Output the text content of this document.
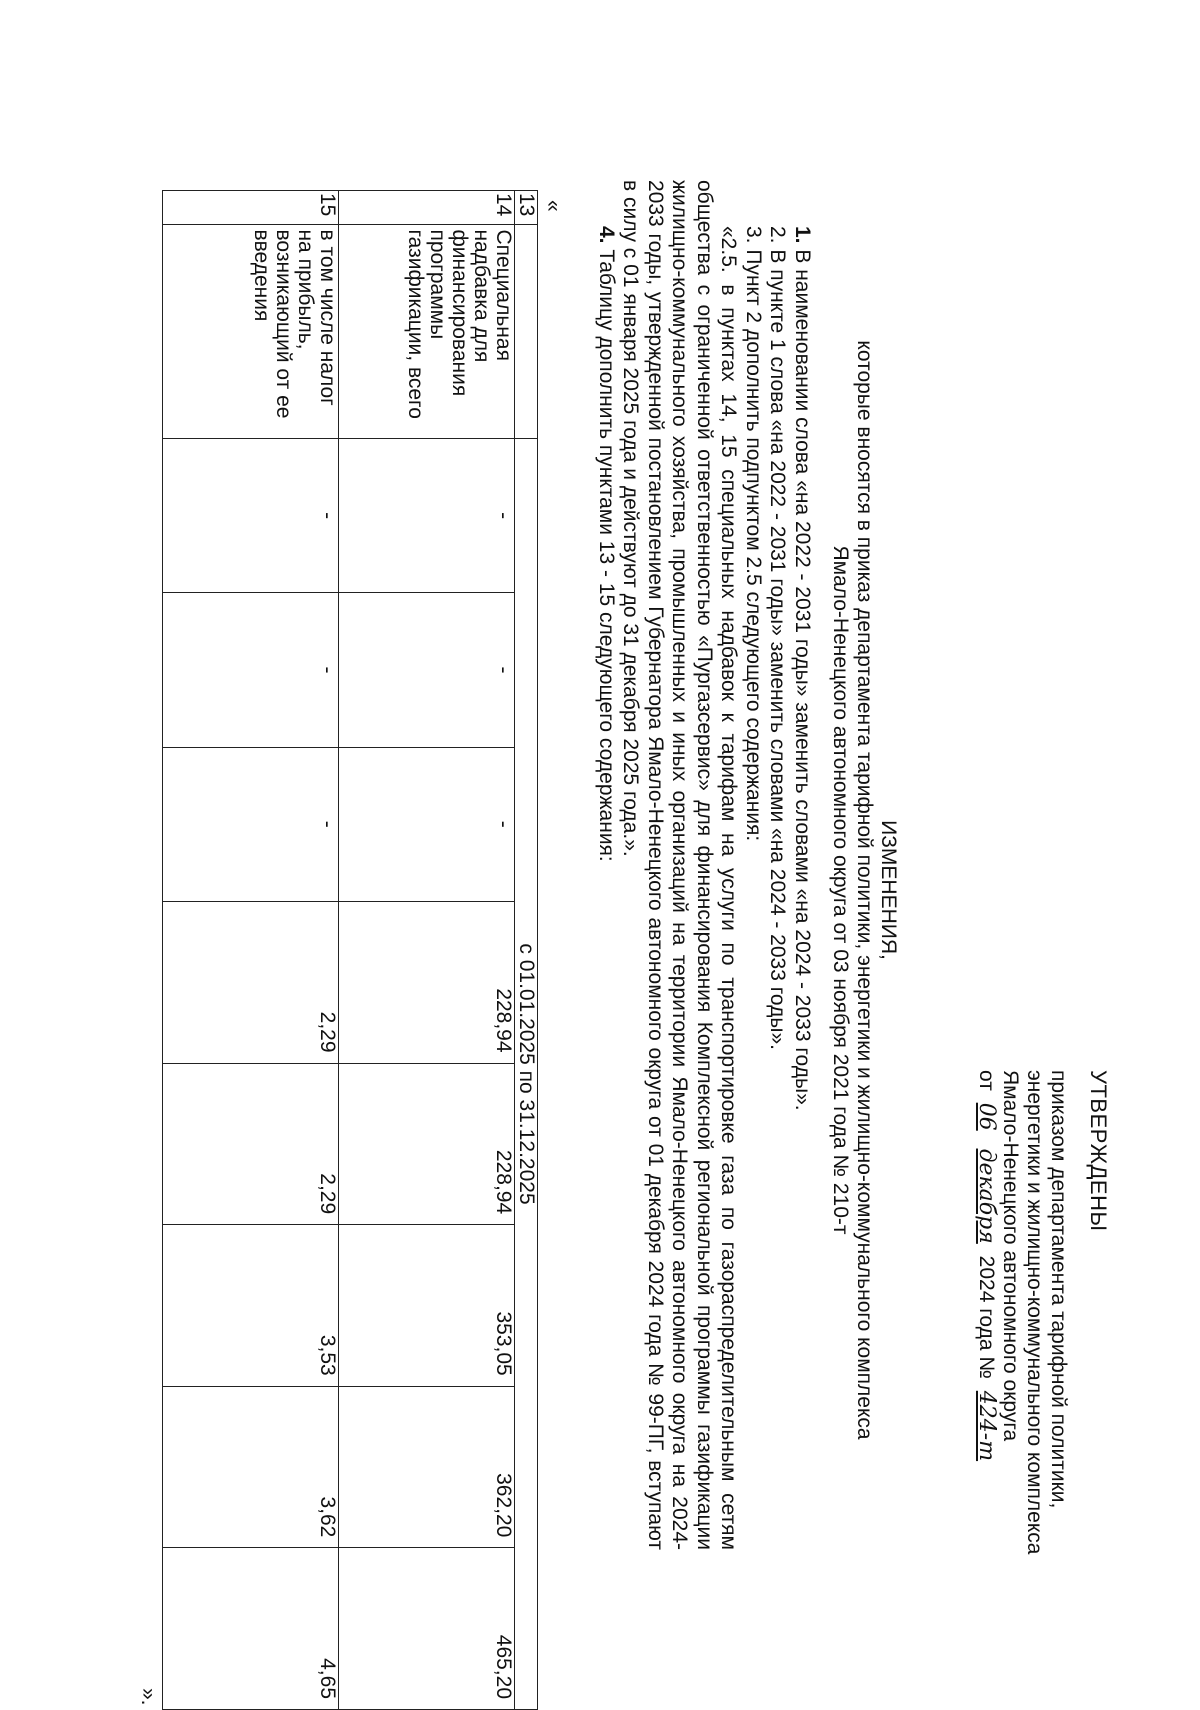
УТВЕРЖДЕНЫ
приказом департамента тарифной политики,
энергетики и жилищно-коммунального комплекса
Ямало-Ненецкого автономного округа
от 06 декабря 2024 года № 424-т
ИЗМЕНЕНИЯ,
которые вносятся в приказ департамента тарифной политики, энергетики и жилищно-коммунального комплекса
Ямало-Ненецкого автономного округа от 03 ноября 2021 года № 210-т

1. В наименовании слова «на 2022 - 2031 годы» заменить словами «на 2024 - 2033 годы».

2. В пункте 1 слова «на 2022 - 2031 годы» заменить словами «на 2024 - 2033 годы».

3. Пункт 2 дополнить подпунктом 2.5 следующего содержания:

«2.5. в пунктах 14, 15 специальных надбавок к тарифам на услуги по транспортировке газа по газораспределительным сетям общества с ограниченной ответственностью «Пургазсервис» для финансирования Комплексной региональной программы газификации жилищно-коммунального хозяйства, промышленных и иных организаций на территории Ямало-Ненецкого автономного округа на 2024-2033 годы, утвержденной постановлением Губернатора Ямало-Ненецкого автономного округа от 01 декабря 2024 года № 99-ПГ, вступают в силу с 01 января 2025 года и действуют до 31 декабря 2025 года.».

4. Таблицу дополнить пунктами 13 - 15 следующего содержания:

«
13		с 01.01.2025 по 31.12.2025							
14	Специальная надбавка для финансирования программы газификации, всего	-	-	-	228,94	228,94	353,05	362,20	465,20
15	в том числе налог на прибыль, возникающий от ее введения	-	-	-	2,29	2,29	3,53	3,62	4,65
».
